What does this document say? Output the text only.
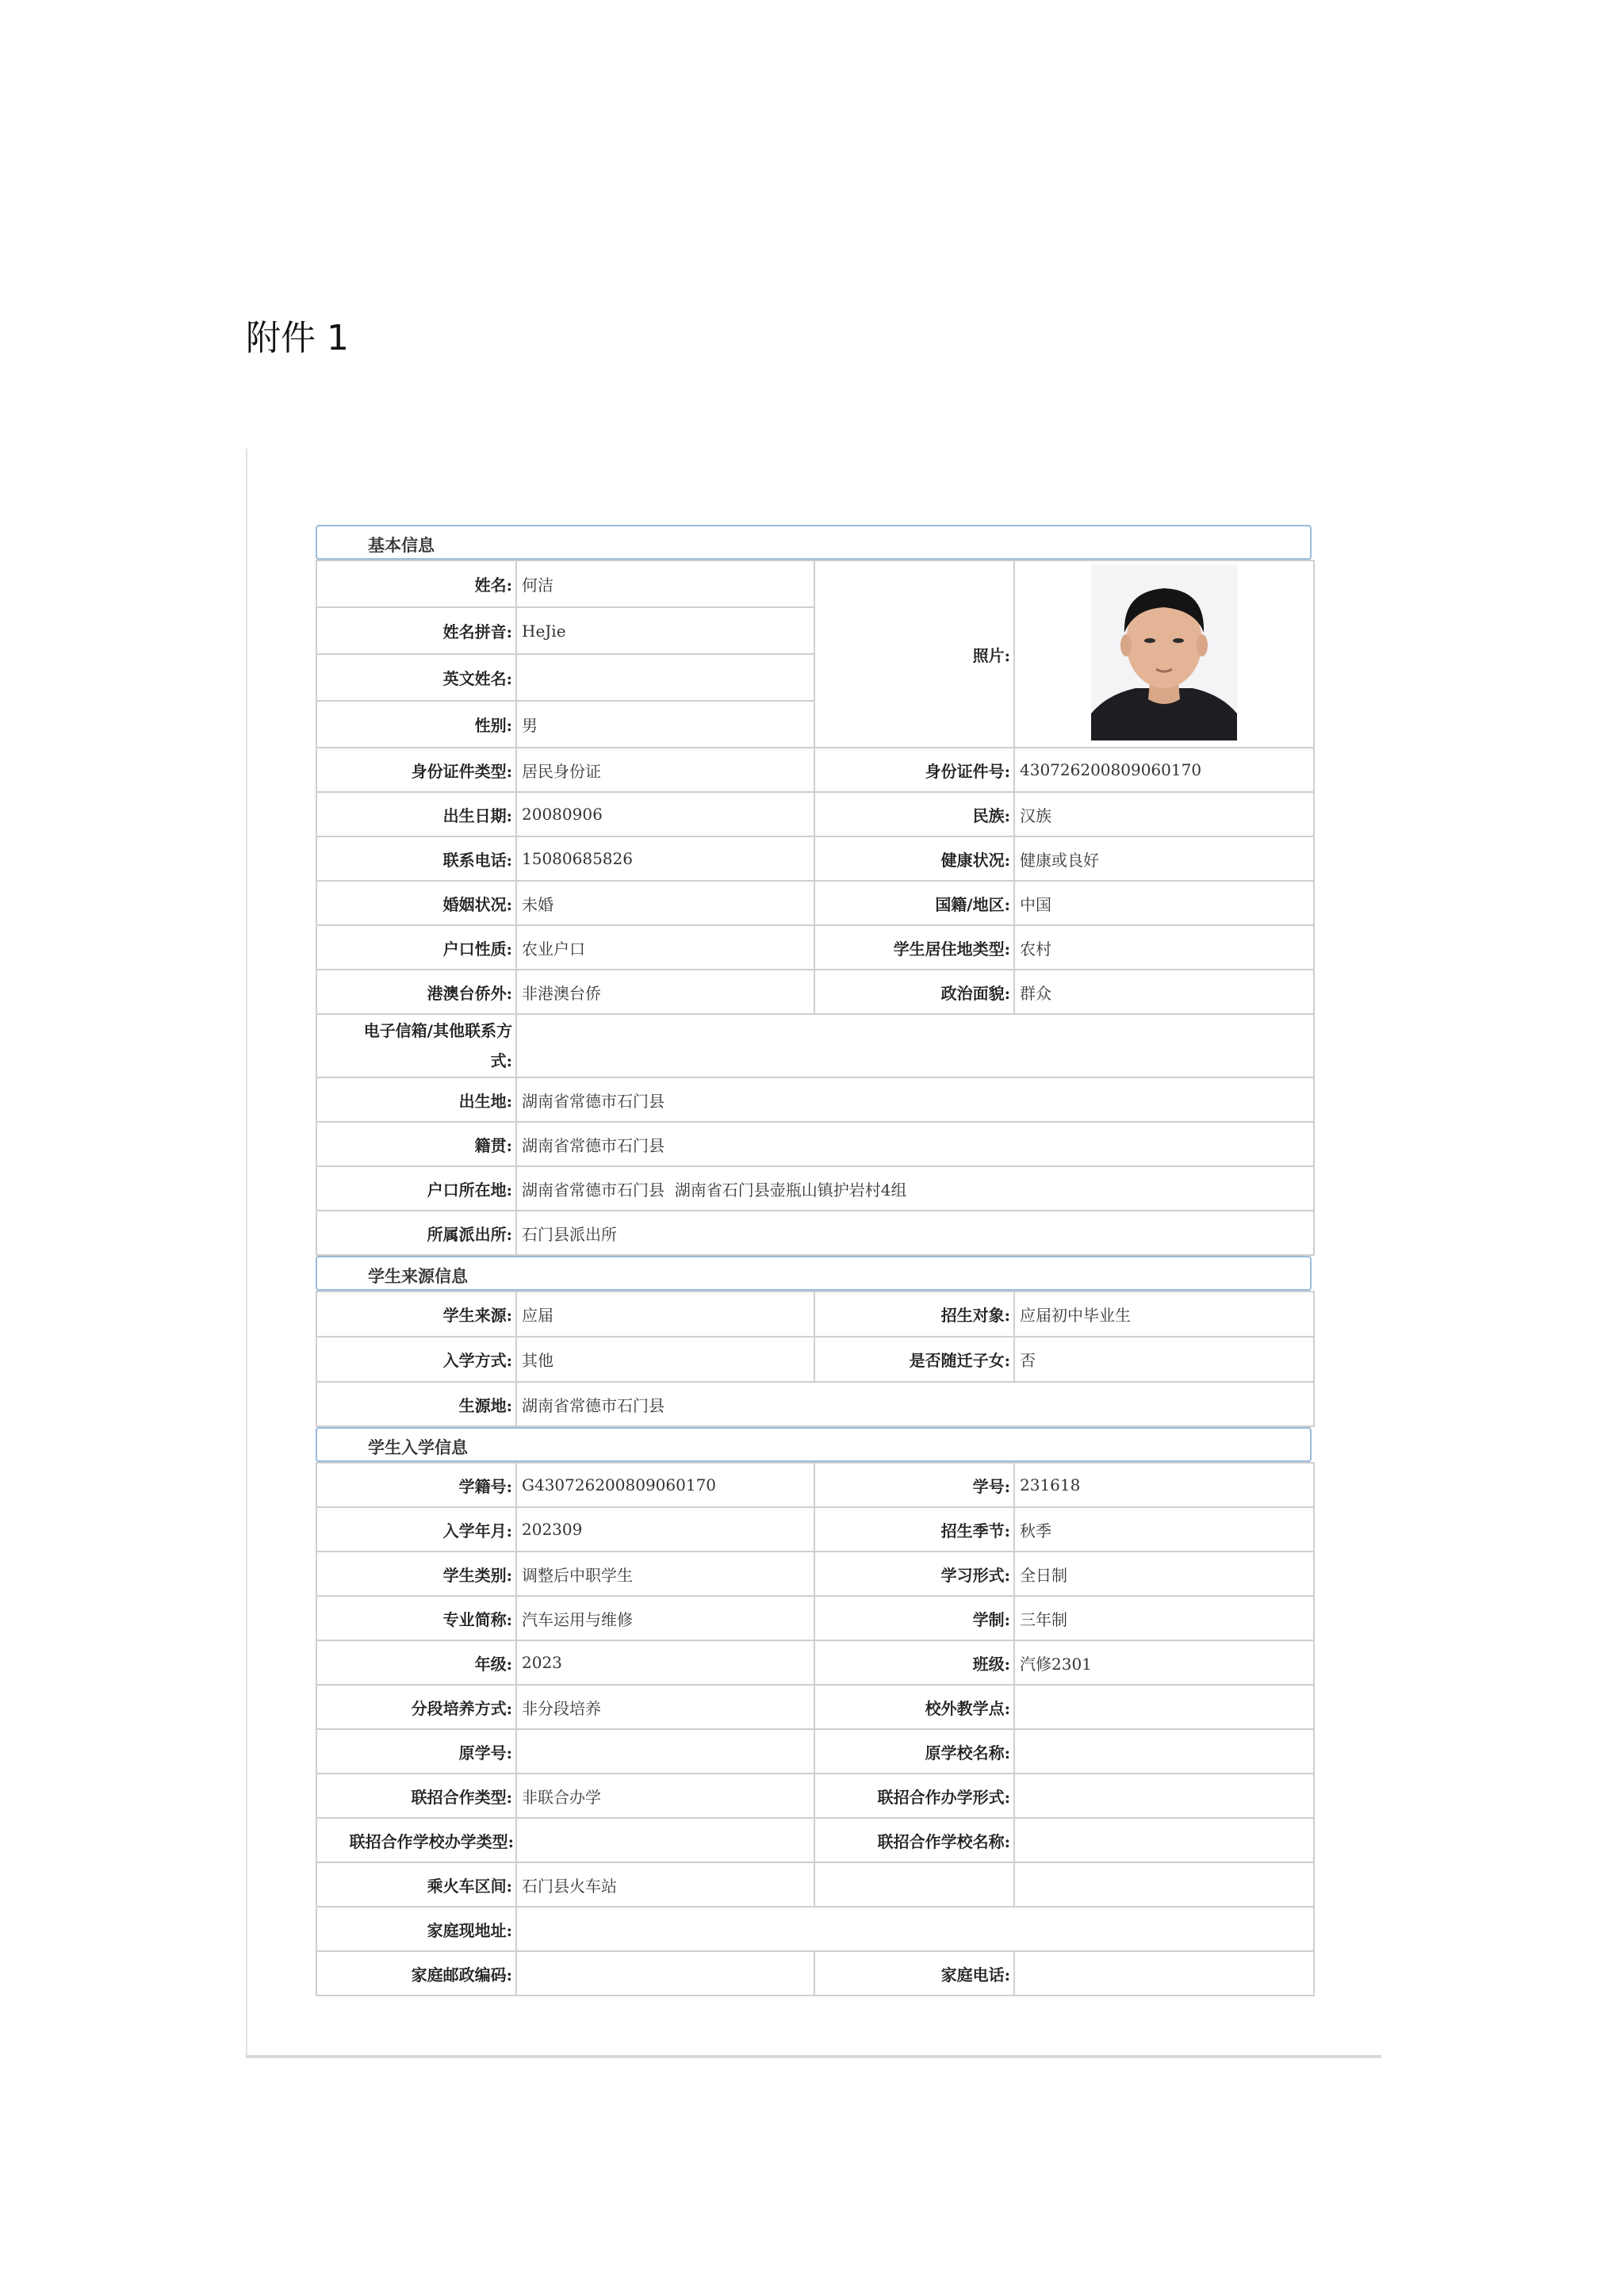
附件 1
基本信息
姓名:	何洁	照片:	
姓名拼音:	HeJie		
英文姓名:			
性别:	男		
身份证件类型:	居民身份证	身份证件号:	430726200809060170
出生日期:	20080906	民族:	汉族
联系电话:	15080685826	健康状况:	健康或良好
婚姻状况:	未婚	国籍/地区:	中国
户口性质:	农业户口	学生居住地类型:	农村
港澳台侨外:	非港澳台侨	政治面貌:	群众
电子信箱/其他联系方
式:			
出生地:	湖南省常德市石门县		
籍贯:	湖南省常德市石门县		
户口所在地:	湖南省常德市石门县  湖南省石门县壶瓶山镇护岩村4组		
所属派出所:	石门县派出所		
学生来源信息
学生来源:	应届	招生对象:	应届初中毕业生
入学方式:	其他	是否随迁子女:	否
生源地:	湖南省常德市石门县		
学生入学信息
学籍号:	G430726200809060170	学号:	231618
入学年月:	202309	招生季节:	秋季
学生类别:	调整后中职学生	学习形式:	全日制
专业简称:	汽车运用与维修	学制:	三年制
年级:	2023	班级:	汽修2301
分段培养方式:	非分段培养	校外教学点:	
原学号:		原学校名称:	
联招合作类型:	非联合办学	联招合作办学形式:	
联招合作学校办学类型:		联招合作学校名称:	
乘火车区间:	石门县火车站		
家庭现地址:			
家庭邮政编码:		家庭电话:	
